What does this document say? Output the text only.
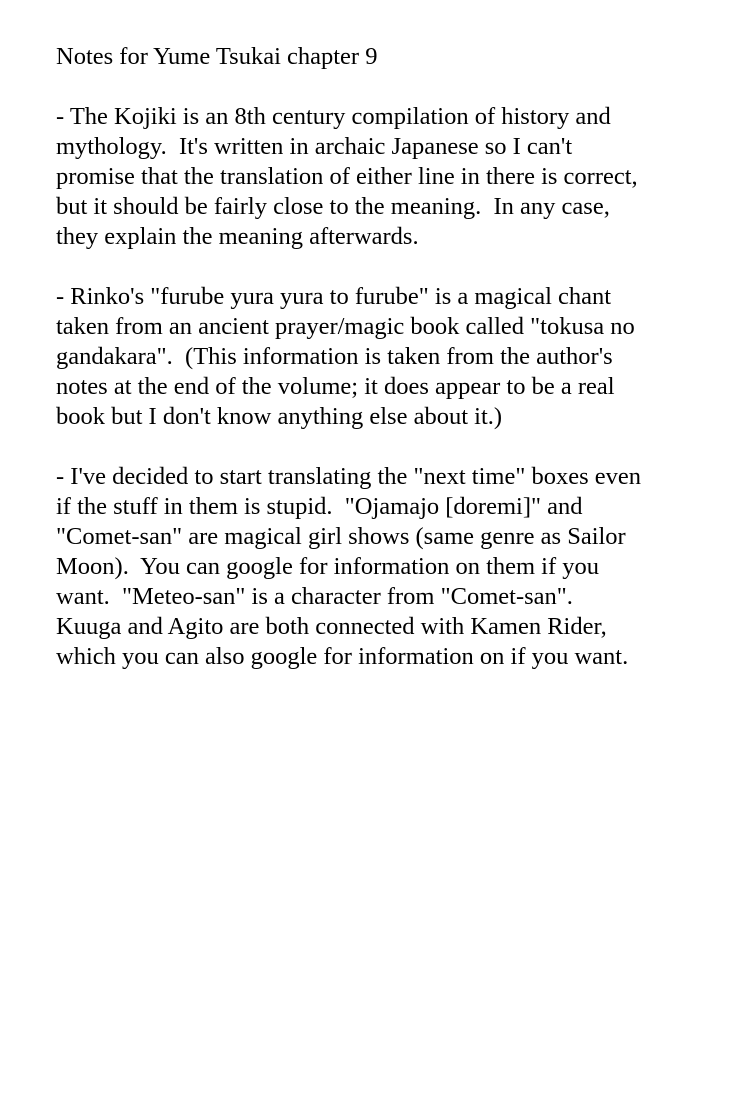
Notes for Yume Tsukai chapter 9
- The Kojiki is an 8th century compilation of history and
mythology.  It's written in archaic Japanese so I can't
promise that the translation of either line in there is correct,
but it should be fairly close to the meaning.  In any case,
they explain the meaning afterwards.
- Rinko's "furube yura yura to furube" is a magical chant
taken from an ancient prayer/magic book called "tokusa no
gandakara".  (This information is taken from the author's
notes at the end of the volume; it does appear to be a real
book but I don't know anything else about it.)
- I've decided to start translating the "next time" boxes even
if the stuff in them is stupid.  "Ojamajo [doremi]" and
"Comet-san" are magical girl shows (same genre as Sailor
Moon).  You can google for information on them if you
want.  "Meteo-san" is a character from "Comet-san".
Kuuga and Agito are both connected with Kamen Rider,
which you can also google for information on if you want.
